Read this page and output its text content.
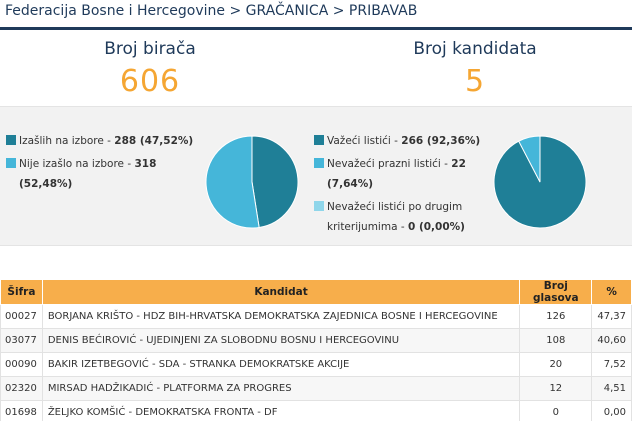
Federacija Bosne i Hercegovine > GRAČANICA > PRIBAVAB
Broj birača
606
Broj kandidata
5
Izašlih na izbore - 288 (47,52%)
Nije izašlo na izbore - 318
(52,48%)
Važeći listići - 266 (92,36%)
Nevažeći prazni listići - 22
(7,64%)
Nevažeći listići po drugim
kriterijumima - 0 (0,00%)
Šifra	Kandidat	Broj glasova	%
00027	BORJANA KRIŠTO - HDZ BIH-HRVATSKA DEMOKRATSKA ZAJEDNICA BOSNE I HERCEGOVINE	126	47,37
03077	DENIS BEĆIROVIĆ - UJEDINJENI ZA SLOBODNU BOSNU I HERCEGOVINU	108	40,60
00090	BAKIR IZETBEGOVIĆ - SDA - STRANKA DEMOKRATSKE AKCIJE	20	7,52
02320	MIRSAD HADŽIKADIĆ - PLATFORMA ZA PROGRES	12	4,51
01698	ŽELJKO KOMŠIĆ - DEMOKRATSKA FRONTA - DF	0	0,00
